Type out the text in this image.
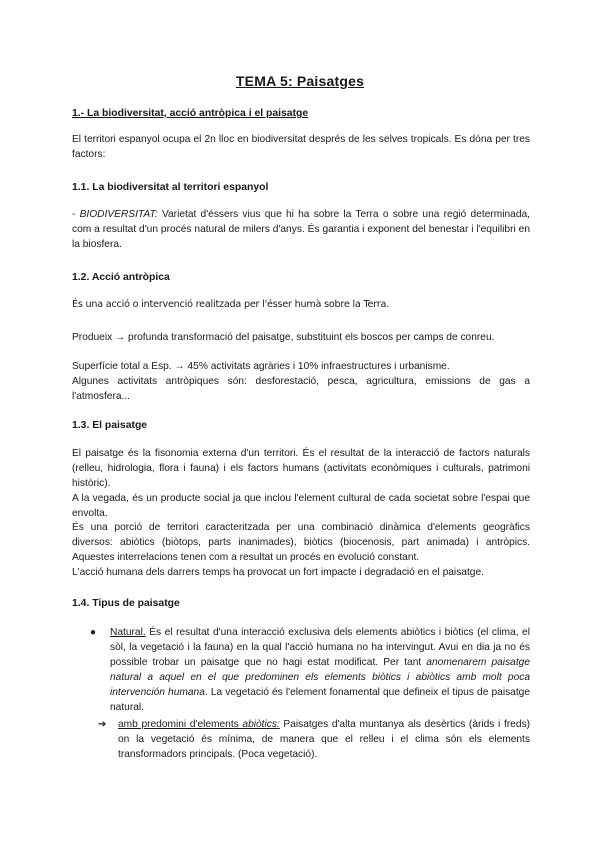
TEMA 5: Paisatges
1.- La biodiversitat, acció antròpica i el paisatge

El territori espanyol ocupa el 2n lloc en biodiversitat després de les selves tropicals. Es dóna per tres factors:

1.1. La biodiversitat al territori espanyol

- BIODIVERSITAT: Varietat d'éssers vius que hi ha sobre la Terra o sobre una regió determinada, com a resultat d'un procés natural de milers d'anys. És garantia i exponent del benestar i l'equilibri en la biosfera.

1.2. Acció antròpica

És una acció o intervenció realitzada per l'ésser humà sobre la Terra.

Produeix → profunda transformació del paisatge, substituint els boscos per camps de conreu.

Superfície total a Esp. → 45% activitats agràries i 10% infraestructures i urbanisme.

Algunes activitats antròpiques són: desforestació, pesca, agricultura, emissions de gas a l'atmosfera...

1.3. El paisatge

El paisatge és la fisonomia externa d'un territori. És el resultat de la interacció de factors naturals (relleu, hidrologia, flora i fauna) i els factors humans (activitats econòmiques i culturals, patrimoni històric).

A la vegada, és un producte social ja que inclou l'element cultural de cada societat sobre l'espai que envolta.

És una porció de territori caracteritzada per una combinació dinàmica d'elements geogràfics diversos: abiòtics (biòtops, parts inanimades), biòtics (biocenosis, part animada) i antròpics. Aquestes interrelacions tenen com a resultat un procés en evolució constant.

L'acció humana dels darrers temps ha provocat un fort impacte i degradació en el paisatge.

1.4. Tipus de paisatge
● Natural. És el resultat d'una interacció exclusiva dels elements abiòtics i biòtics (el clima, el sòl, la vegetació i la fauna) en la qual l'acció humana no ha intervingut. Avui en dia ja no és possible trobar un paisatge que no hagi estat modificat. Per tant anomenarem paisatge natural a aquel en el que predominen els elements biòtics i abiòtics amb molt poca intervención humana. La vegetació és l'element fonamental que defineix el tipus de paisatge natural.
➔ amb predomini d'elements abiòtics: Paisatges d'alta muntanya als desèrtics (àrids i freds) on la vegetació és mínima, de manera que el relleu i el clima són els elements transformadors principals. (Poca vegetació).
